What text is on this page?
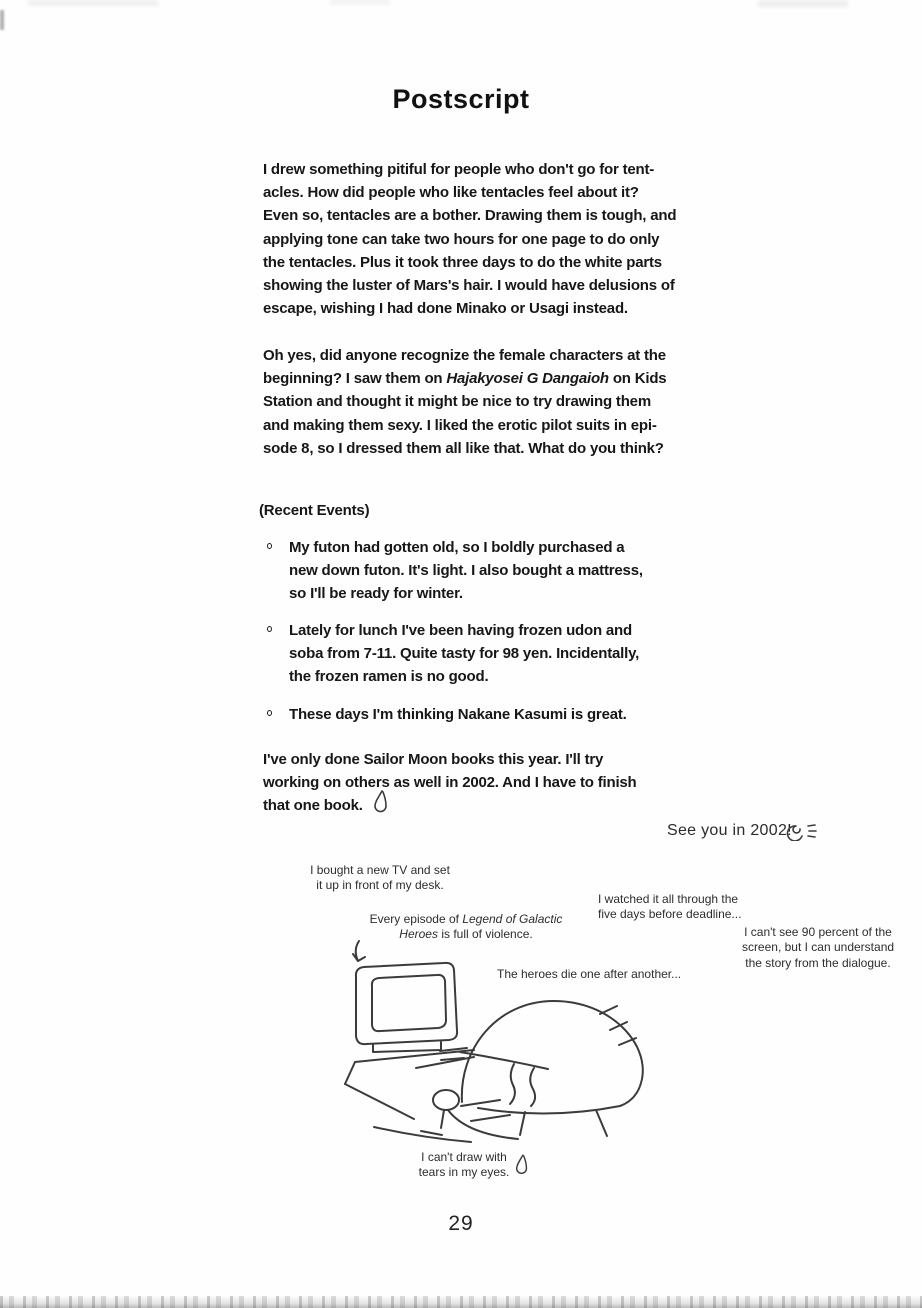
Postscript
I drew something pitiful for people who don't go for tent-
acles. How did people who like tentacles feel about it?
Even so, tentacles are a bother. Drawing them is tough, and
applying tone can take two hours for one page to do only
the tentacles. Plus it took three days to do the white parts
showing the luster of Mars's hair. I would have delusions of
escape, wishing I had done Minako or Usagi instead.
Oh yes, did anyone recognize the female characters at the
beginning? I saw them on Hajakyosei G Dangaioh on Kids
Station and thought it might be nice to try drawing them
and making them sexy. I liked the erotic pilot suits in epi-
sode 8, so I dressed them all like that. What do you think?
(Recent Events)
My futon had gotten old, so I boldly purchased a
new down futon. It's light. I also bought a mattress,
so I'll be ready for winter.
Lately for lunch I've been having frozen udon and
soba from 7-11. Quite tasty for 98 yen. Incidentally,
the frozen ramen is no good.
These days I'm thinking Nakane Kasumi is great.
I've only done Sailor Moon books this year. I'll try
working on others as well in 2002. And I have to finish
that one book.
See you in 2002!
I bought a new TV and set
it up in front of my desk.
I watched it all through the
five days before deadline...
Every episode of Legend of Galactic
Heroes is full of violence.	I can't see 90 percent of the
screen, but I can understand
the story from the dialogue.
The heroes die one after another...
I can't draw with
tears in my eyes.
29
